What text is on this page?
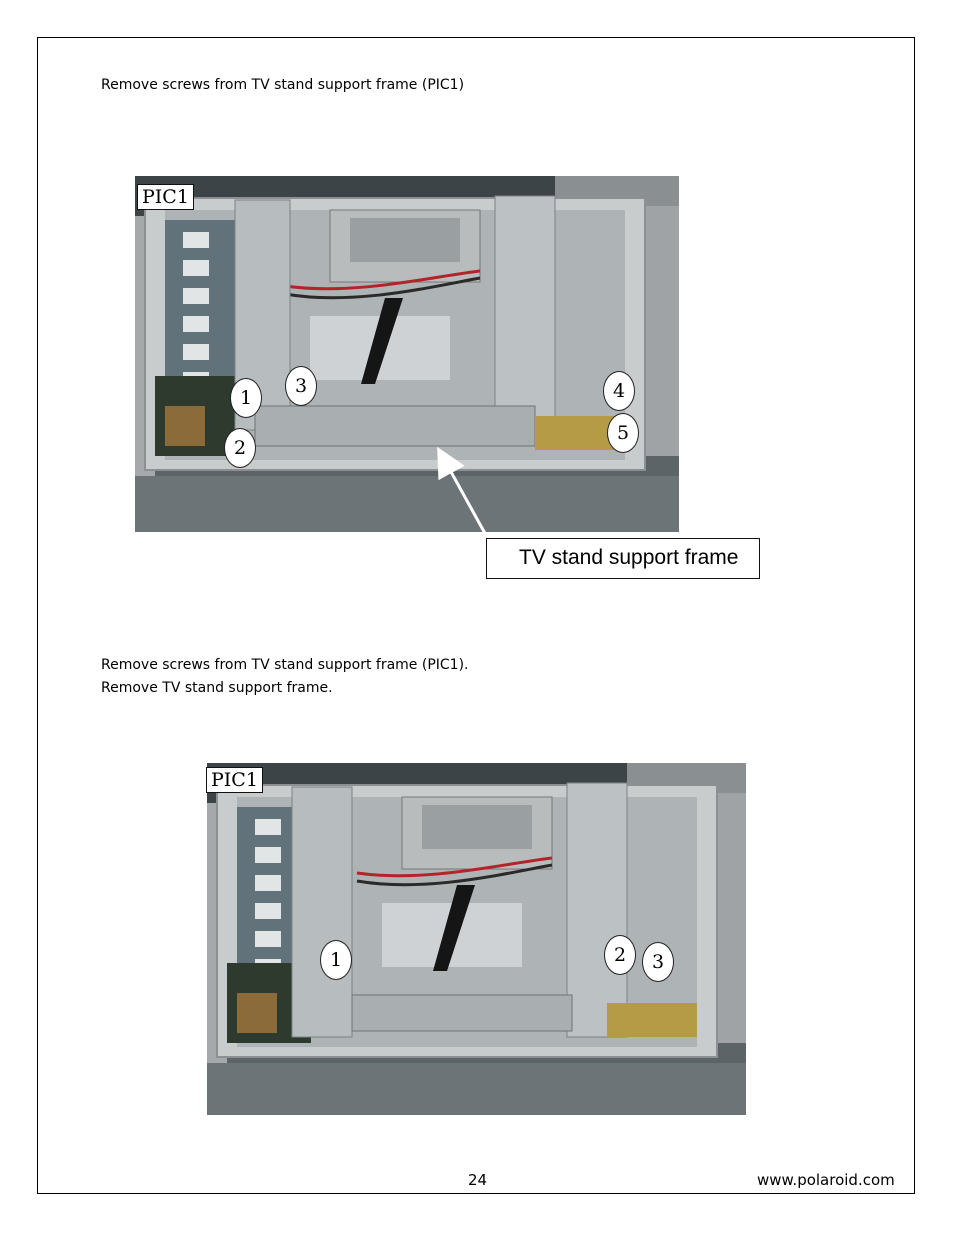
Remove screws from TV stand support frame (PIC1)
PIC1
1
2
3	4
5
TV stand support frame
Remove screws from TV stand support frame (PIC1).
Remove TV stand support frame.
PIC1
1	2	3
24	www.polaroid.com
